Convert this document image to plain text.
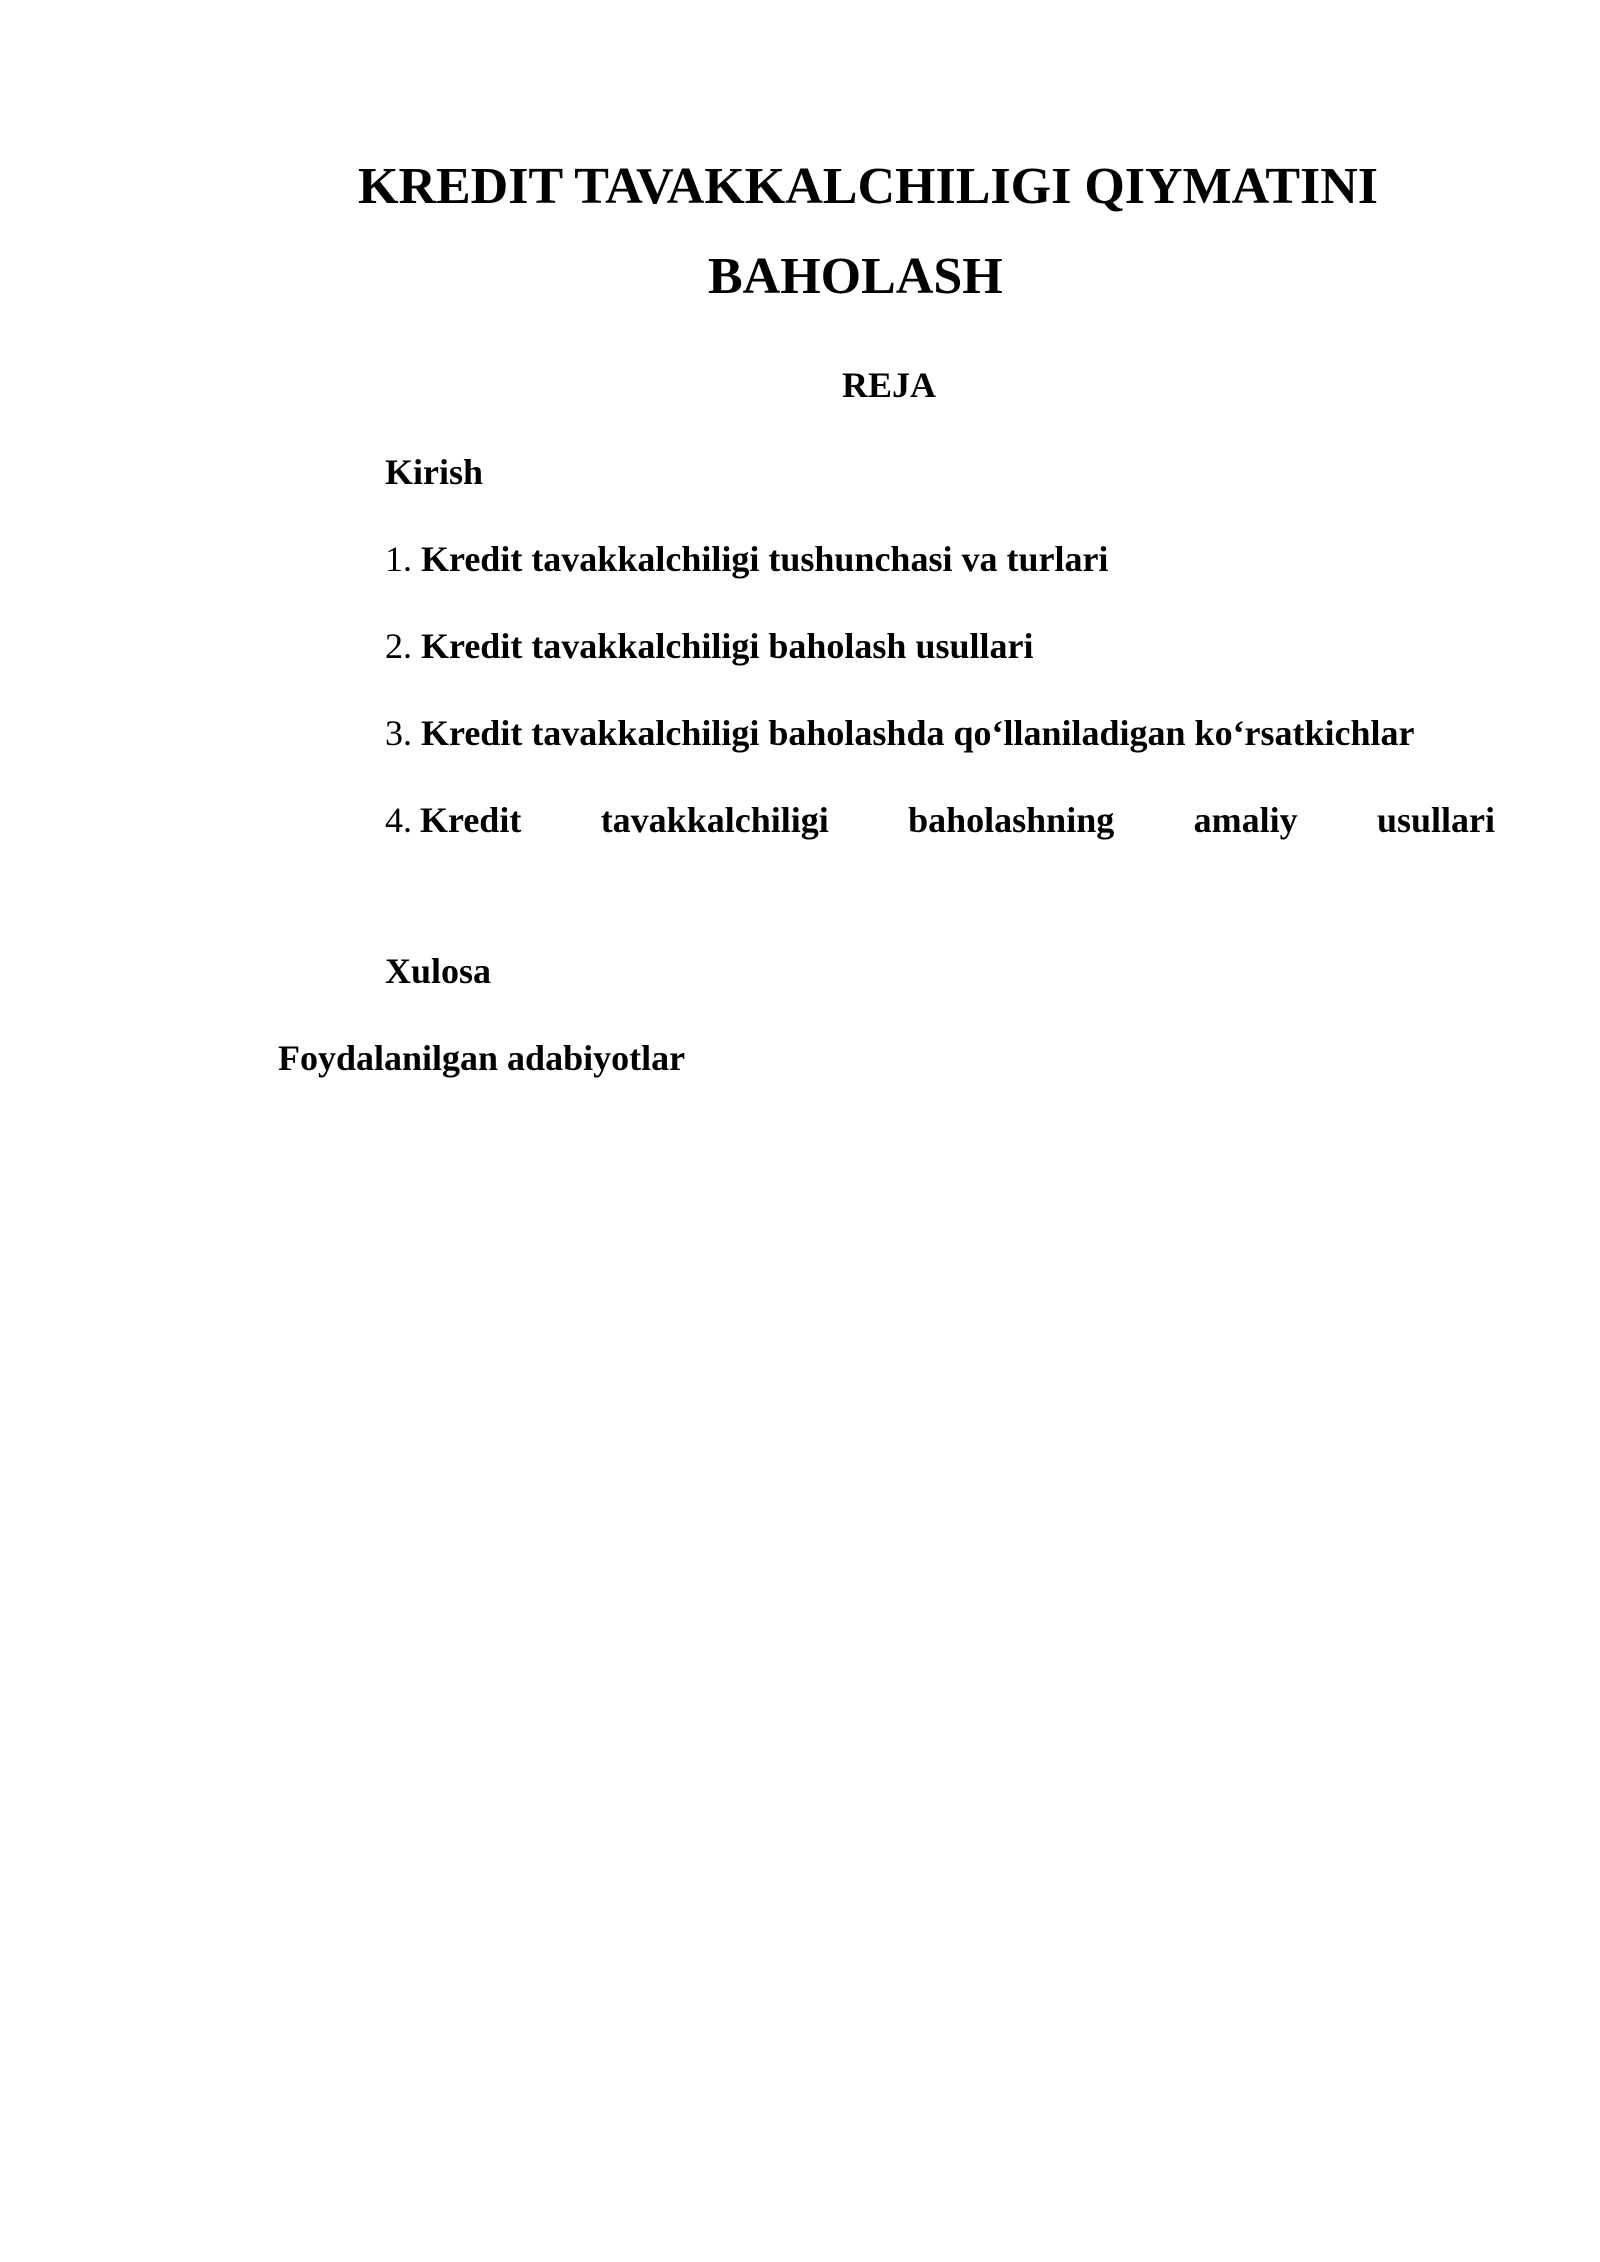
KREDIT TAVAKKALCHILIGI QIYMATINI
BAHOLASH
REJA

Kirish

1. Kredit tavakkalchiligi tushunchasi va turlari

2. Kredit tavakkalchiligi baholash usullari

3. Kredit tavakkalchiligi baholashda qo‘llaniladigan ko‘rsatkichlar

4. Kredit tavakkalchiligi baholashning amaliy usullari

Xulosa

Foydalanilgan adabiyotlar
